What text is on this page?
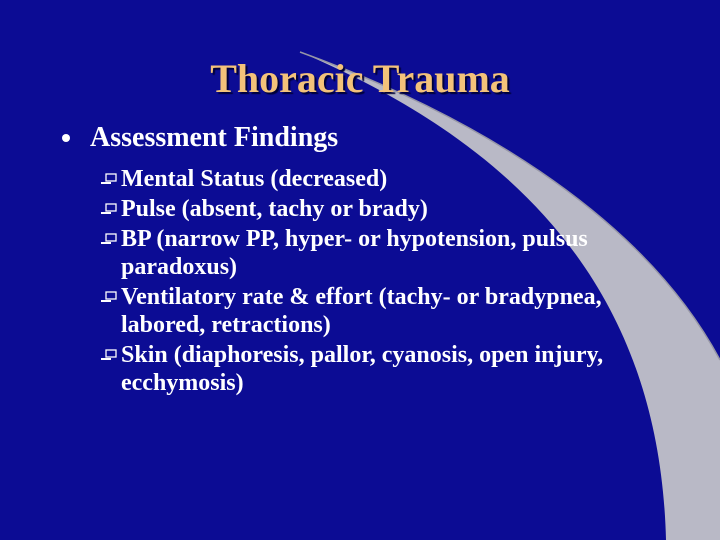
Thoracic Trauma
Assessment Findings
Mental Status (decreased)
Pulse (absent, tachy or brady)
BP (narrow PP, hyper- or hypotension, pulsus paradoxus)
Ventilatory rate & effort (tachy- or bradypnea, labored, retractions)
Skin (diaphoresis, pallor, cyanosis, open injury, ecchymosis)
